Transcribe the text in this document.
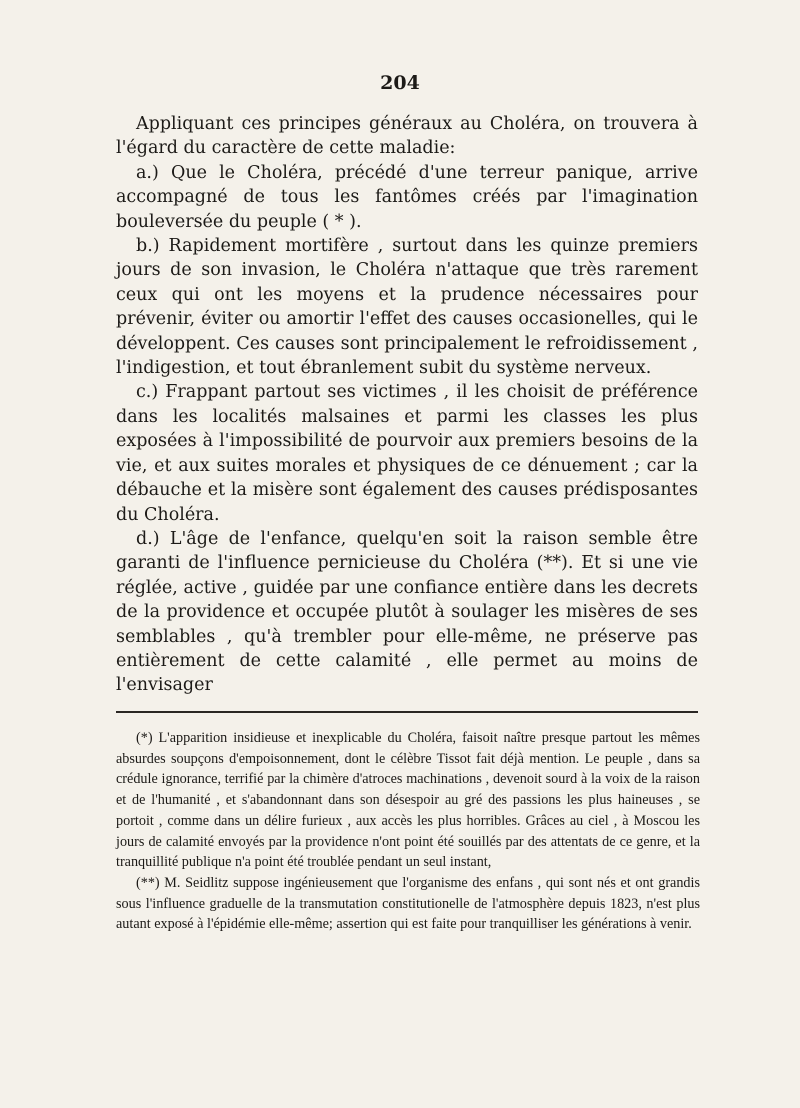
204

Appliquant ces principes généraux au Choléra, on trouvera à l'égard du caractère de cette maladie:

a.) Que le Choléra, précédé d'une terreur panique, arrive accompagné de tous les fantômes créés par l'imagination bouleversée du peuple ( * ).

b.) Rapidement mortifère , surtout dans les quinze premiers jours de son invasion, le Choléra n'attaque que très rarement ceux qui ont les moyens et la prudence nécessaires pour prévenir, éviter ou amortir l'effet des causes occasionelles, qui le développent. Ces causes sont principalement le refroidissement , l'indigestion, et tout ébranlement subit du système nerveux.

c.) Frappant partout ses victimes , il les choisit de préférence dans les localités malsaines et parmi les classes les plus exposées à l'impossibilité de pourvoir aux premiers besoins de la vie, et aux suites morales et physiques de ce dénuement ; car la débauche et la misère sont également des causes prédisposantes du Choléra.

d.) L'âge de l'enfance, quelqu'en soit la raison semble être garanti de l'influence pernicieuse du Choléra (**). Et si une vie réglée, active , guidée par une confiance entière dans les decrets de la providence et occupée plutôt à soulager les misères de ses semblables , qu'à trembler pour elle-même, ne préserve pas entièrement de cette calamité , elle permet au moins de l'envisager

(*) L'apparition insidieuse et inexplicable du Choléra, faisoit naître presque partout les mêmes absurdes soupçons d'empoisonnement, dont le célèbre Tissot fait déjà mention. Le peuple , dans sa crédule ignorance, terrifié par la chimère d'atroces machinations , devenoit sourd à la voix de la raison et de l'humanité , et s'abandonnant dans son désespoir au gré des passions les plus haineuses , se portoit , comme dans un délire furieux , aux accès les plus horribles. Grâces au ciel , à Moscou les jours de calamité envoyés par la providence n'ont point été souillés par des attentats de ce genre, et la tranquillité publique n'a point été troublée pendant un seul instant,

(**) M. Seidlitz suppose ingénieusement que l'organisme des enfans , qui sont nés et ont grandis sous l'influence graduelle de la transmutation constitutionelle de l'atmosphère depuis 1823, n'est plus autant exposé à l'épidémie elle-même; assertion qui est faite pour tranquilliser les générations à venir.
